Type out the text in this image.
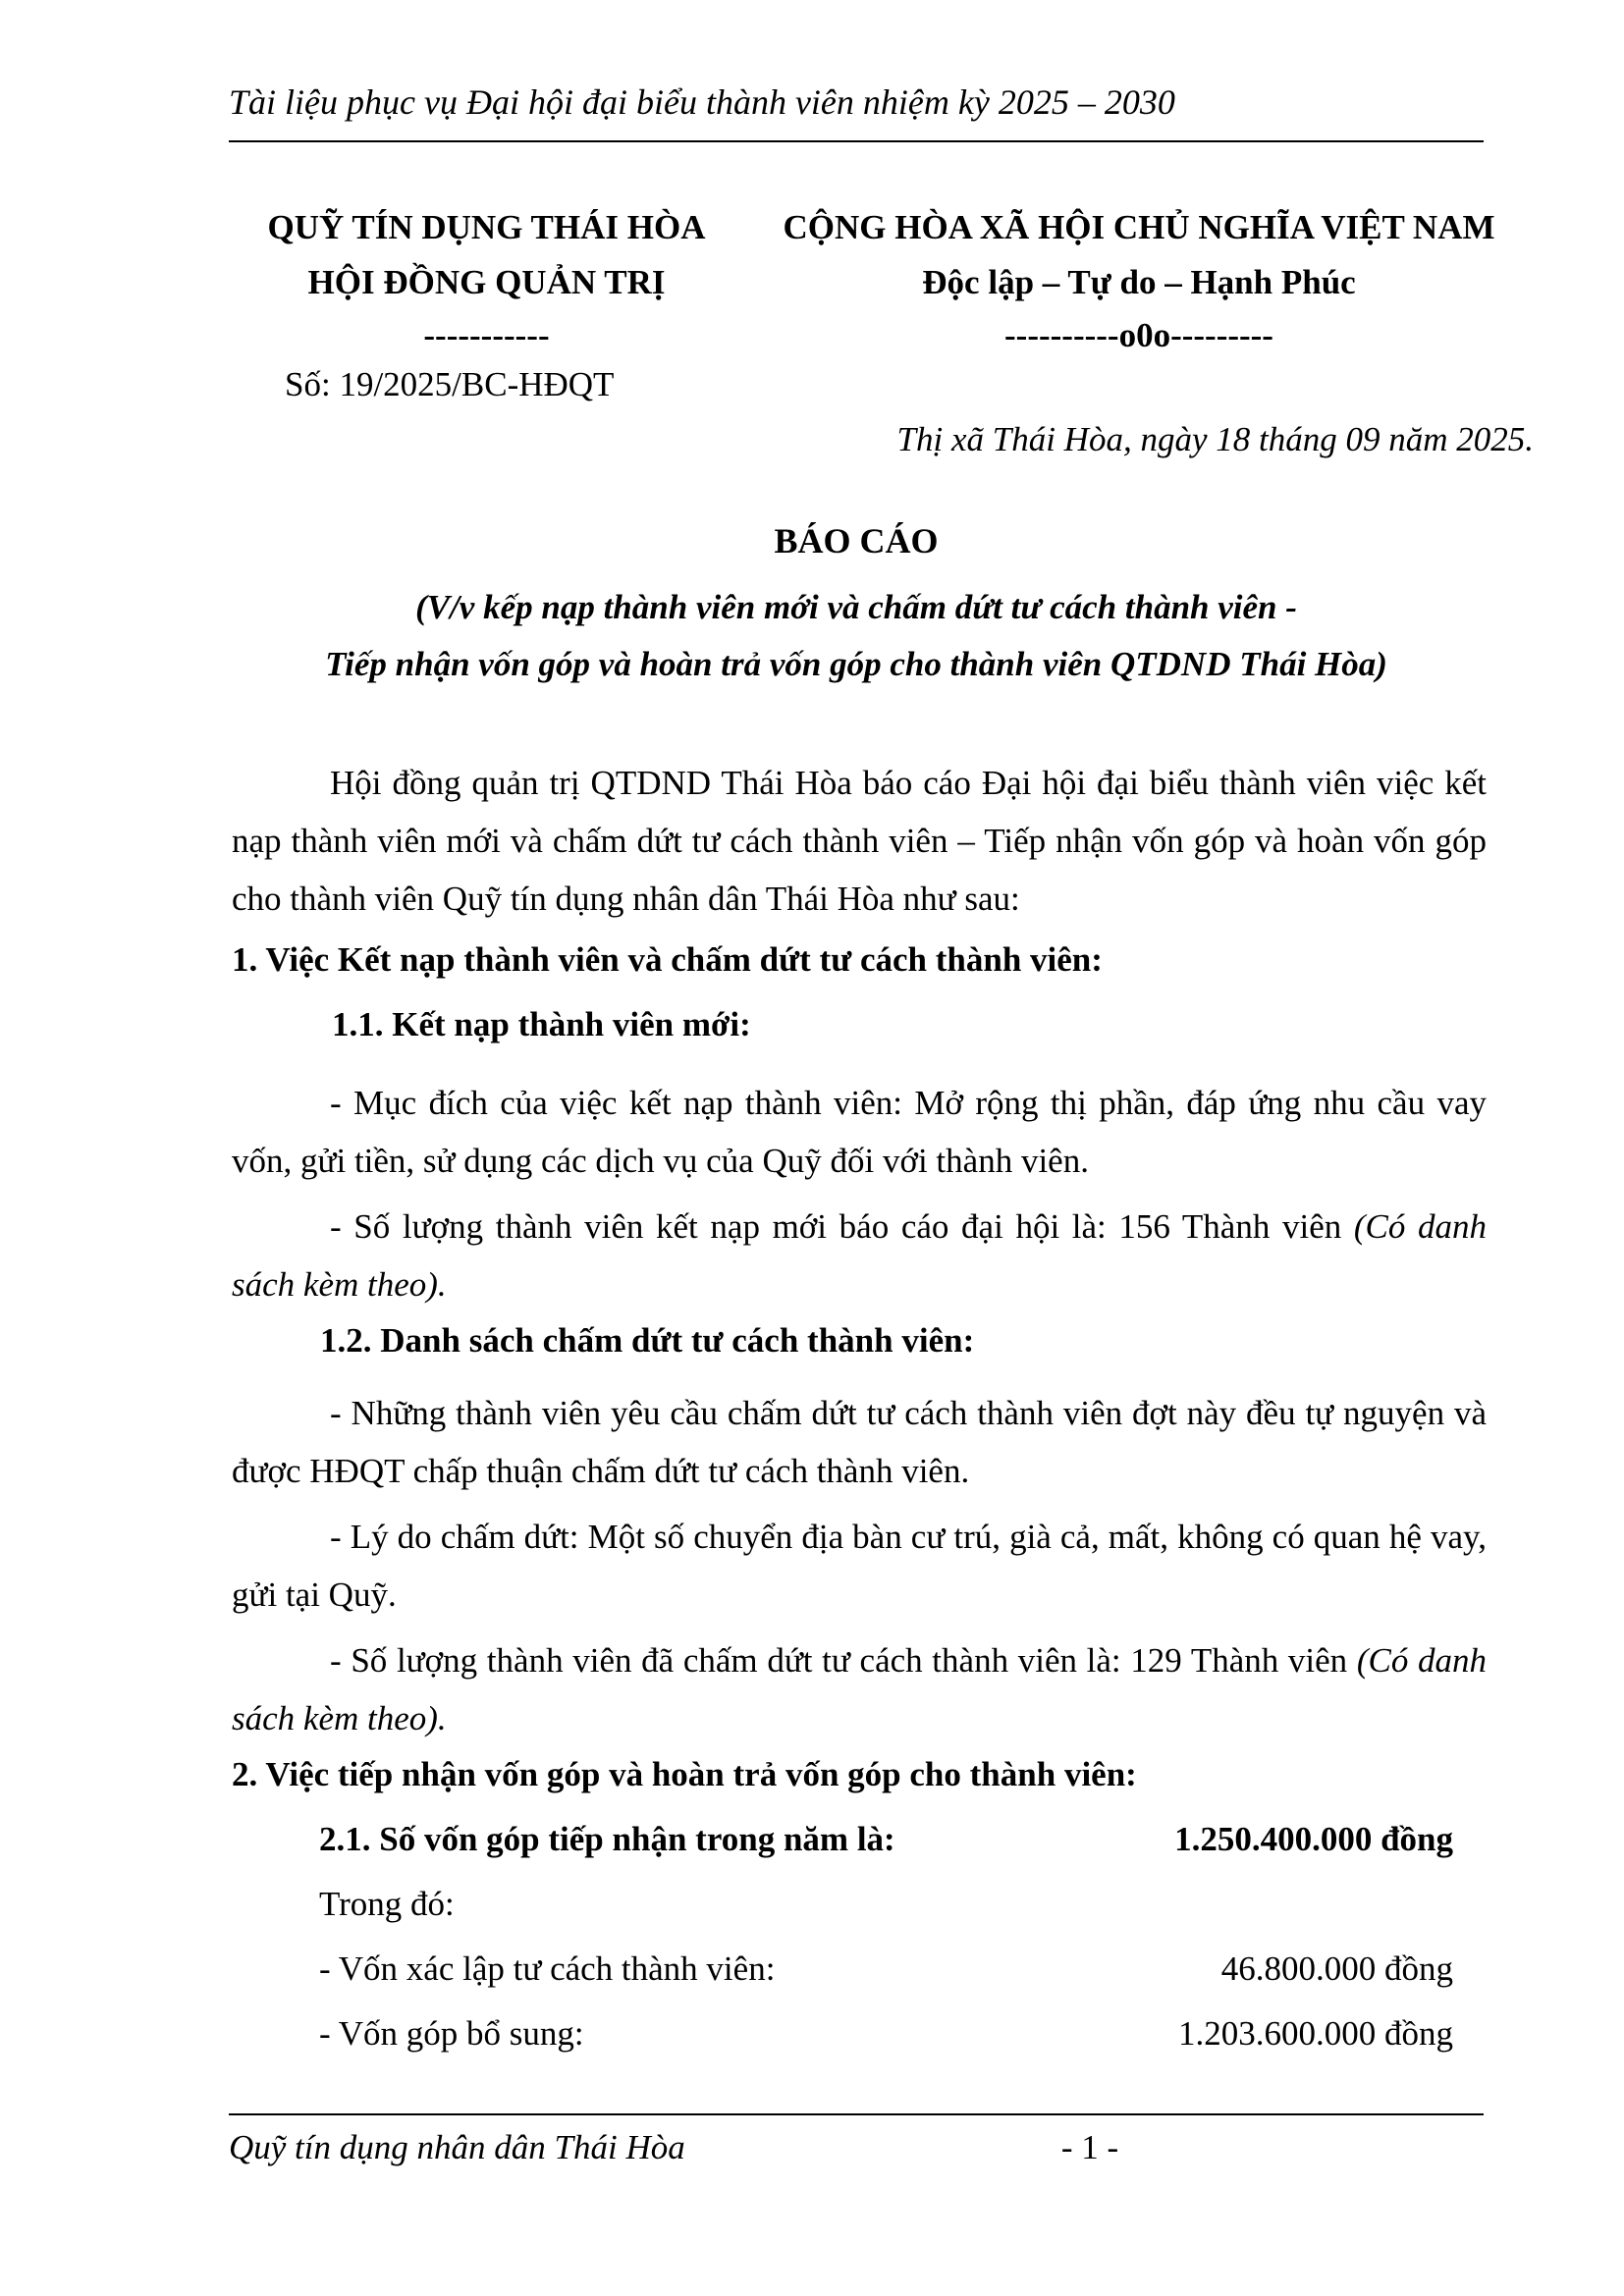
Tài liệu phục vụ Đại hội đại biểu thành viên nhiệm kỳ 2025 – 2030
QUỸ TÍN DỤNG THÁI HÒA
HỘI ĐỒNG QUẢN TRỊ
-----------
Số: 19/2025/BC-HĐQT
CỘNG HÒA XÃ HỘI CHỦ NGHĨA VIỆT NAM
Độc lập – Tự do – Hạnh Phúc
----------o0o---------
Thị xã Thái Hòa, ngày 18 tháng 09 năm 2025.
BÁO CÁO
(V/v kếp nạp thành viên mới và chấm dứt tư cách thành viên -
Tiếp nhận vốn góp và hoàn trả vốn góp cho thành viên QTDND Thái Hòa)
Hội đồng quản trị QTDND Thái Hòa báo cáo Đại hội đại biểu thành viên việc kết nạp thành viên mới và chấm dứt tư cách thành viên – Tiếp nhận vốn góp và hoàn vốn góp cho thành viên Quỹ tín dụng nhân dân Thái Hòa như sau:
1. Việc Kết nạp thành viên và chấm dứt tư cách thành viên:
1.1. Kết nạp thành viên mới:
- Mục đích của việc kết nạp thành viên: Mở rộng thị phần, đáp ứng nhu cầu vay vốn, gửi tiền, sử dụng các dịch vụ của Quỹ đối với thành viên.
- Số lượng thành viên kết nạp mới báo cáo đại hội là: 156 Thành viên (Có danh sách kèm theo).
1.2. Danh sách chấm dứt tư cách thành viên:
- Những thành viên yêu cầu chấm dứt tư cách thành viên đợt này đều tự nguyện và được HĐQT chấp thuận chấm dứt tư cách thành viên.
- Lý do chấm dứt: Một số chuyển địa bàn cư trú, già cả, mất, không có quan hệ vay, gửi tại Quỹ.
- Số lượng thành viên đã chấm dứt tư cách thành viên là: 129 Thành viên (Có danh sách kèm theo).
2. Việc tiếp nhận vốn góp và hoàn trả vốn góp cho thành viên:
2.1. Số vốn góp tiếp nhận trong năm là:	1.250.400.000 đồng
Trong đó:
- Vốn xác lập tư cách thành viên:	46.800.000 đồng
- Vốn góp bổ sung:	1.203.600.000 đồng
Quỹ tín dụng nhân dân Thái Hòa	- 1 -
